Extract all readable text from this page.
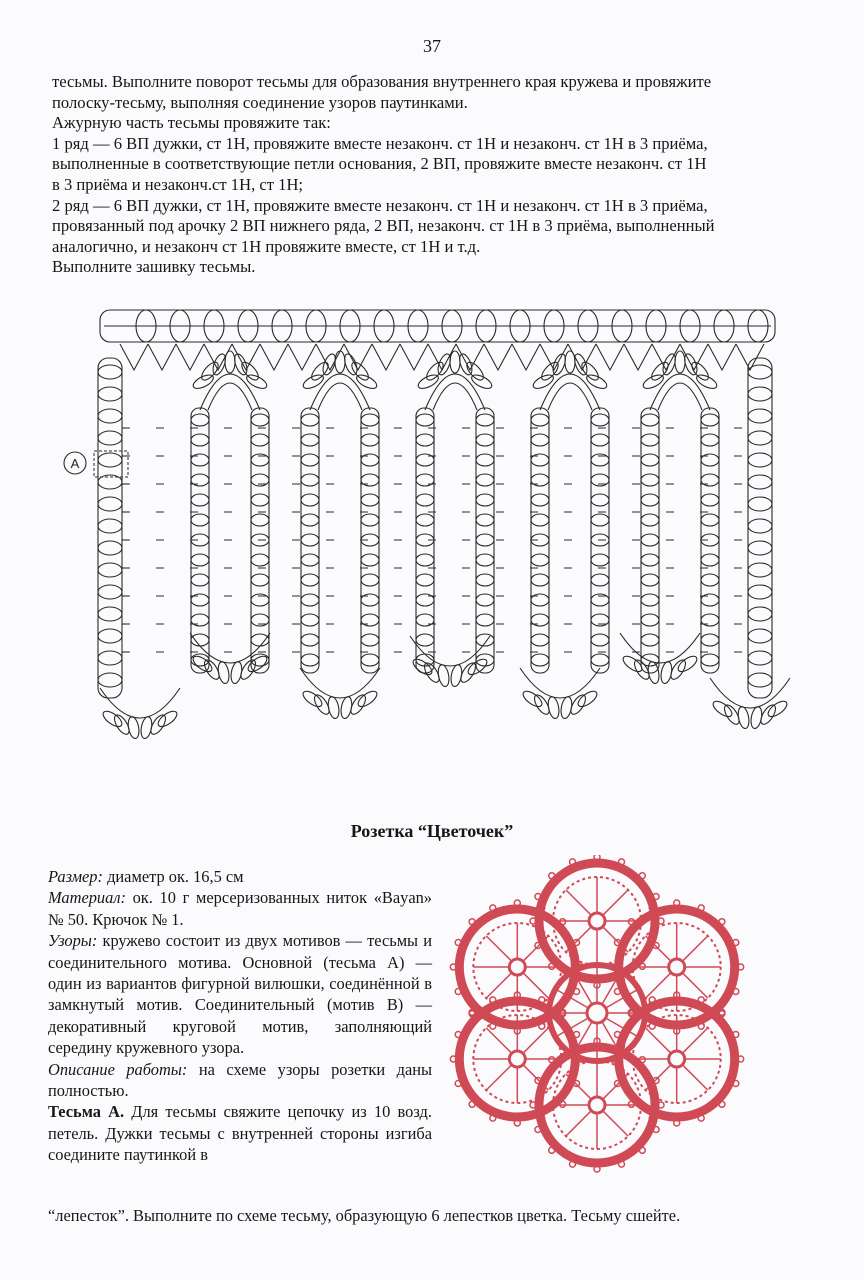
37

тесьмы. Выполните поворот тесьмы для образования внутреннего края кружева и провяжите

полоску-тесьму, выполняя соединение узоров паутинками.

Ажурную часть тесьмы провяжите так:

1 ряд — 6 ВП дужки, ст 1Н, провяжите вместе незаконч. ст 1Н и незаконч. ст 1Н в 3 приёма,

выполненные в соответствующие петли основания, 2 ВП, провяжите вместе незаконч. ст 1Н

в 3 приёма и незаконч.ст 1Н, ст 1Н;

2 ряд — 6 ВП дужки, ст 1Н, провяжите вместе незаконч. ст 1Н и незаконч. ст 1Н в 3 приёма,

провязанный под арочку 2 ВП нижнего ряда, 2 ВП, незаконч. ст 1Н в 3 приёма, выполненный

аналогично, и незаконч ст 1Н провяжите вместе, ст 1Н и т.д.

Выполните зашивку тесьмы.

A
Розетка “Цветочек”

Размер: диаметр ок. 16,5 см

Материал: ок. 10 г мерсеризованных ниток «Bayan» № 50. Крючок № 1.

Узоры: кружево состоит из двух мотивов — тесьмы и соединительного мотива. Основной (тесьма А) — один из вариантов фигурной вилюшки, соединённой в замкнутый мотив. Соединительный (мотив В) — декоративный круговой мотив, заполняющий середину кружевного узора.

Описание работы: на схеме узоры розетки даны полностью.

Тесьма А. Для тесьмы свяжите цепочку из 10 возд. петель. Дужки тесьмы с внутренней стороны изгиба соедините паутинкой в

“лепесток”. Выполните по схеме тесьму, образующую 6 лепестков цветка. Тесьму сшейте.
